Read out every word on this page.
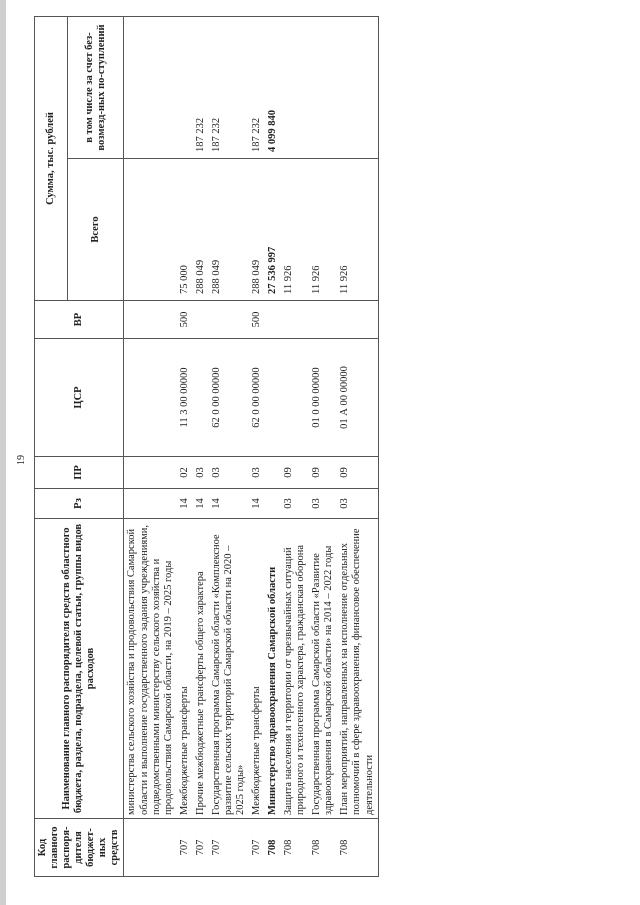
19
Код главного распоря-дителя бюджет-ных средств	Наименование главного распорядителя средств областного бюджета, раздела, подраздела, целевой статьи, группы видов расходов	Рз	ПР	ЦСР	ВР	Сумма, тыс. рублей	
						Всего	в том числе за счет без-возмезд-ных по-ступлений
	министерства сельского хозяйства и продовольствия Самарской области и выполнение государственного задания учреждениями, подведомственными министерству сельского хозяйства и продовольствия Самарской области, на 2019 – 2025 годы						
707	Межбюджетные трансферты	14	02	11 3 00 00000	500	75 000	
707	Прочие межбюджетные трансферты общего характера	14	03			288 049	187 232
707	Государственная программа Самарской области «Комплексное развитие сельских территорий Самарской области на 2020 – 2025 годы»	14	03	62 0 00 00000		288 049	187 232
707	Межбюджетные трансферты	14	03	62 0 00 00000	500	288 049	187 232
708	Министерство здравоохранения Самарской области					27 536 997	4 099 840
708	Защита населения и территории от чрезвычайных ситуаций природного и техногенного характера, гражданская оборона	03	09			11 926	
708	Государственная программа Самарской области «Развитие здравоохранения в Самарской области» на 2014 – 2022 годы	03	09	01 0 00 00000		11 926	
708	План мероприятий, направленных на исполнение отдельных полномочий в сфере здравоохранения, финансовое обеспечение деятельности	03	09	01 А 00 00000		11 926	
